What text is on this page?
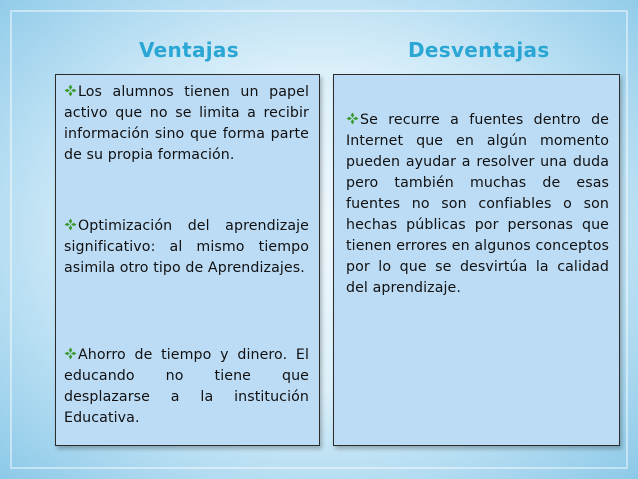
Ventajas	Desventajas
Los alumnos tienen un papel activo que no se limita a recibir información sino que forma parte de su propia formación.
Optimización del aprendizaje significativo: al mismo tiempo asimila otro tipo de Aprendizajes.
Ahorro de tiempo y dinero. El educando no tiene que desplazarse a la institución Educativa.
Se recurre a fuentes dentro de Internet que en algún momento pueden ayudar a resolver una duda pero también muchas de esas fuentes no son confiables o son hechas públicas por personas que tienen errores en algunos conceptos por lo que se desvirtúa la calidad del aprendizaje.
